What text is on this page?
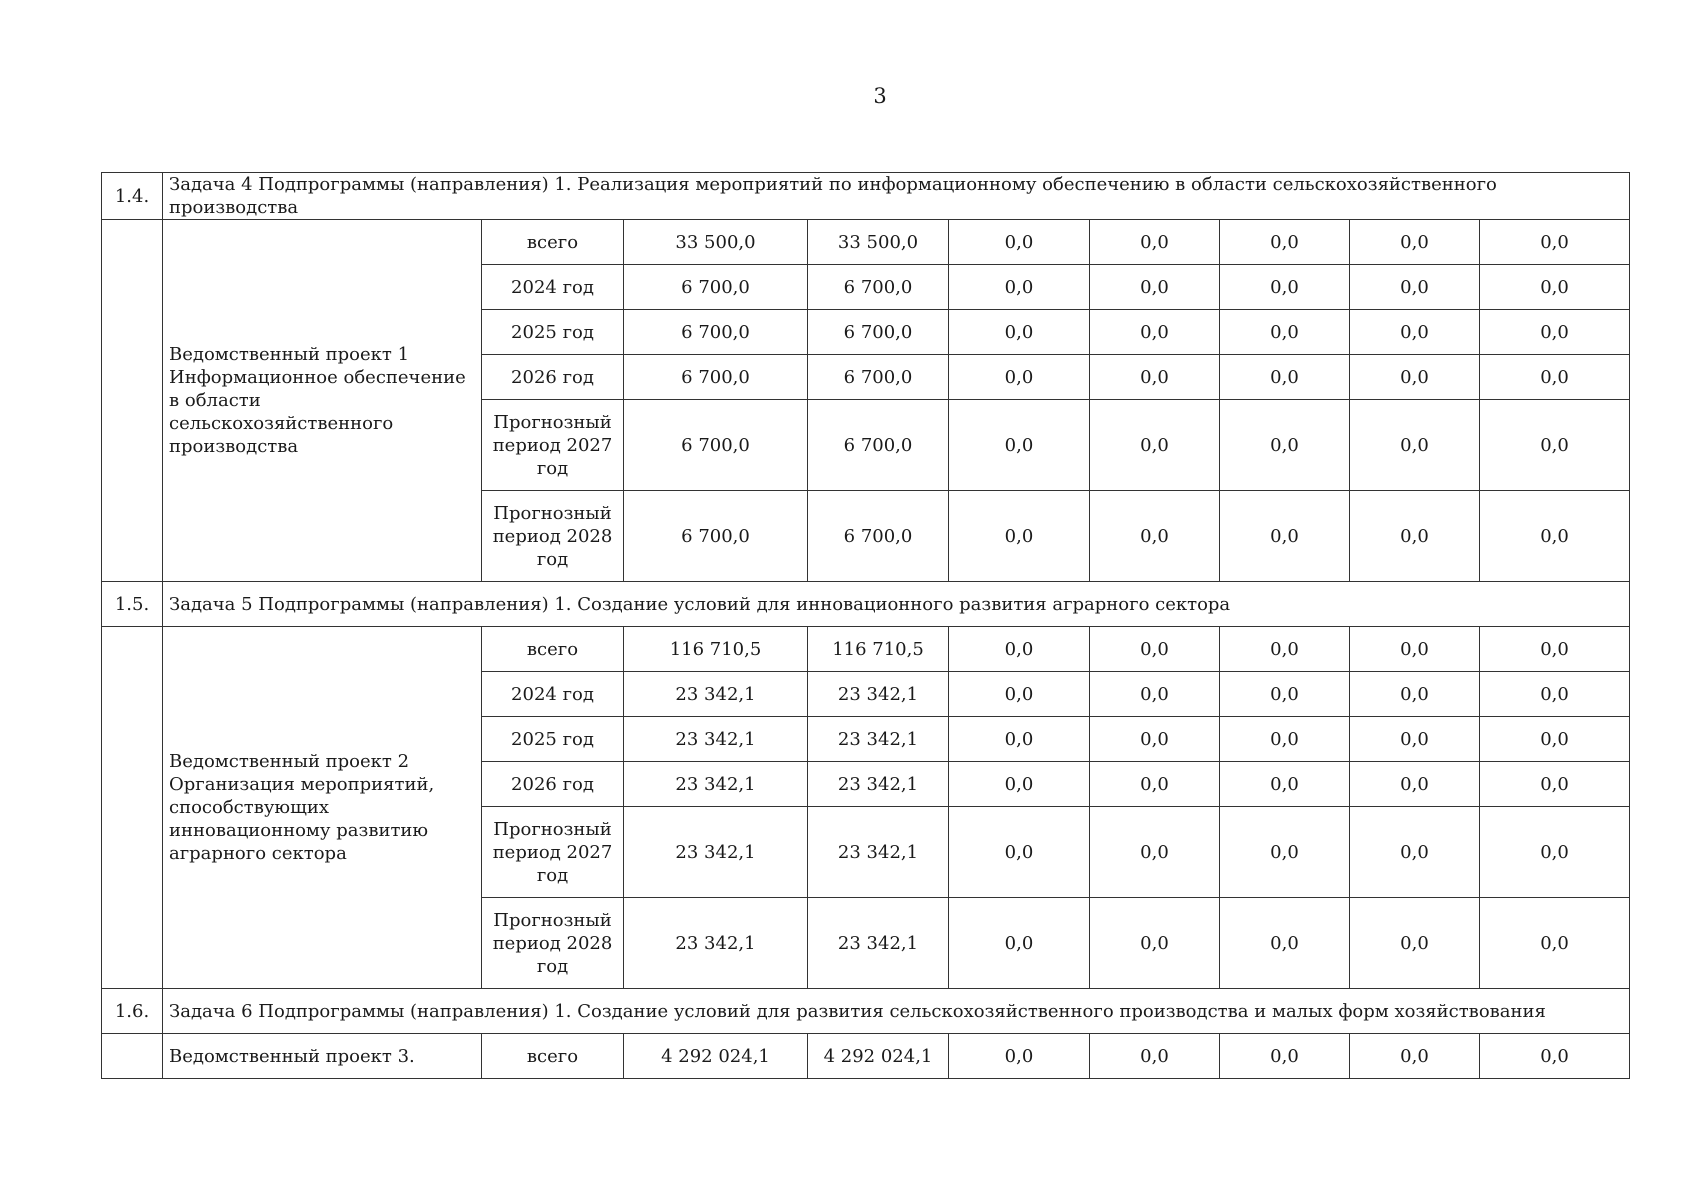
3
1.4.	Задача 4 Подпрограммы (направления) 1. Реализация мероприятий по информационному обеспечению в области сельскохозяйственного производства								
	Ведомственный проект 1 Информационное обеспечение в области сельскохозяйственного производства	всего	33 500,0	33 500,0	0,0	0,0	0,0	0,0	0,0
		2024 год	6 700,0	6 700,0	0,0	0,0	0,0	0,0	0,0
		2025 год	6 700,0	6 700,0	0,0	0,0	0,0	0,0	0,0
		2026 год	6 700,0	6 700,0	0,0	0,0	0,0	0,0	0,0
		Прогнозный период 2027 год	6 700,0	6 700,0	0,0	0,0	0,0	0,0	0,0
		Прогнозный период 2028 год	6 700,0	6 700,0	0,0	0,0	0,0	0,0	0,0
1.5.	Задача 5 Подпрограммы (направления) 1. Создание условий для инновационного развития аграрного сектора								
	Ведомственный проект 2 Организация мероприятий, способствующих инновационному развитию аграрного сектора	всего	116 710,5	116 710,5	0,0	0,0	0,0	0,0	0,0
		2024 год	23 342,1	23 342,1	0,0	0,0	0,0	0,0	0,0
		2025 год	23 342,1	23 342,1	0,0	0,0	0,0	0,0	0,0
		2026 год	23 342,1	23 342,1	0,0	0,0	0,0	0,0	0,0
		Прогнозный период 2027 год	23 342,1	23 342,1	0,0	0,0	0,0	0,0	0,0
		Прогнозный период 2028 год	23 342,1	23 342,1	0,0	0,0	0,0	0,0	0,0
1.6.	Задача 6 Подпрограммы (направления) 1. Создание условий для развития сельскохозяйственного производства и малых форм хозяйствования								
	Ведомственный проект 3.	всего	4 292 024,1	4 292 024,1	0,0	0,0	0,0	0,0	0,0
